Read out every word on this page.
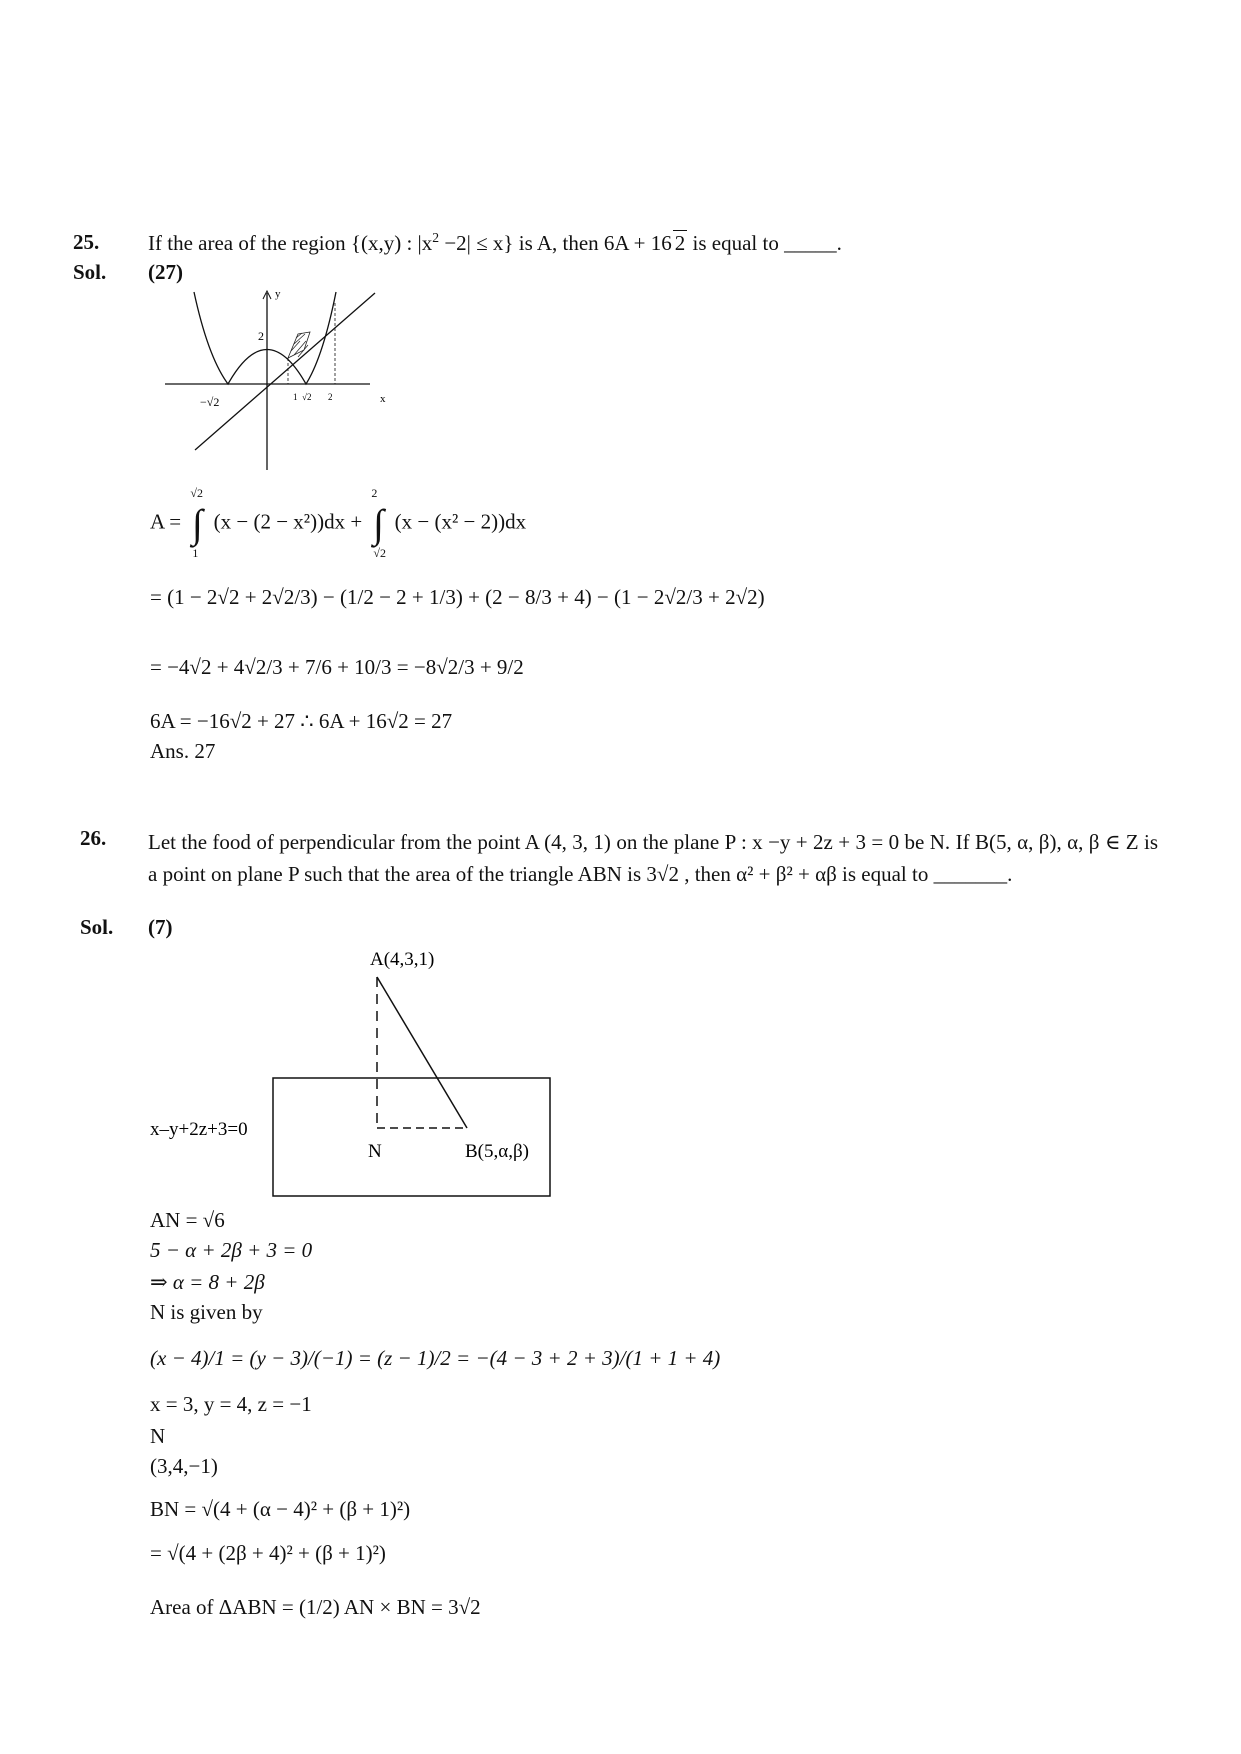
25. If the area of the region {(x,y) : $|x^2 -2| \le x$} is A, then 6A + 16 2 is equal to _____.
Sol. (27)
y
x
2
−√2	1 √2 2
A = ∫
√2
1
(x − (2 − x²))dx + ∫
2
√2
(x − (x² − 2))dx
= (1 − 2√2 + 2√2/3) − (1/2 − 2 + 1/3) + (2 − 8/3 + 4) − (1 − 2√2/3 + 2√2)
= −4√2 + 4√2/3 + 7/6 + 10/3 = −8√2/3 + 9/2
6A = −16√2 + 27 ∴ 6A + 16√2 = 27
Ans. 27
26. Let the food of perpendicular from the point A (4, 3, 1) on the plane P : x −y + 2z + 3 = 0 be N. If B(5, α, β), α, β ∈ Z is a point on plane P such that the area of the triangle ABN is 3√2 , then α² + β² + αβ is equal to _______.
Sol. (7)
A(4,3,1)
x–y+2z+3=0
N	B(5,α,β)
AN = √6
5 − α + 2β + 3 = 0
⇒ α = 8 + 2β
N is given by
(x − 4)/1 = (y − 3)/(−1) = (z − 1)/2 = −(4 − 3 + 2 + 3)/(1 + 1 + 4)
x = 3, y = 4, z = −1
N
(3,4,−1)
BN = √(4 + (α − 4)² + (β + 1)²)
= √(4 + (2β + 4)² + (β + 1)²)
Area of ΔABN = (1/2) AN × BN = 3√2
